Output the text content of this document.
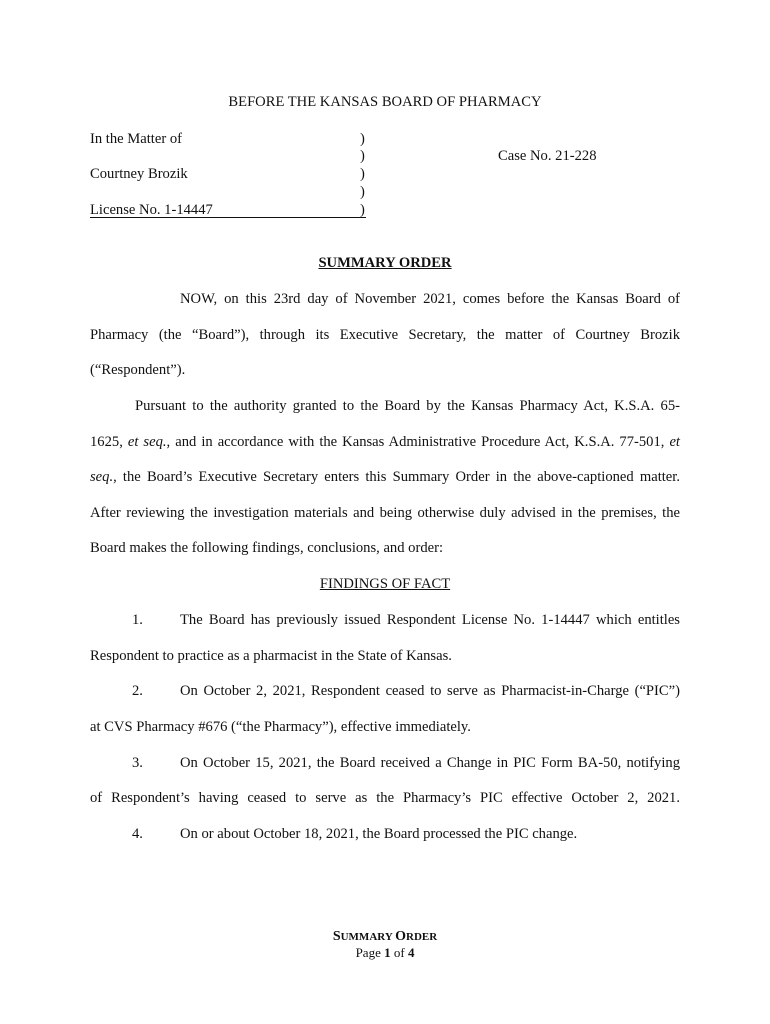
BEFORE THE KANSAS BOARD OF PHARMACY
In the Matter of
Courtney Brozik
License No. 1-14447
)
)
)
)
)
Case No. 21-228
SUMMARY ORDER
NOW, on this 23rd day of November 2021, comes before the Kansas Board of
Pharmacy (the “Board”), through its Executive Secretary, the matter of Courtney Brozik
(“Respondent”).
Pursuant to the authority granted to the Board by the Kansas Pharmacy Act, K.S.A. 65-
1625, et seq., and in accordance with the Kansas Administrative Procedure Act, K.S.A. 77-501, et
seq., the Board’s Executive Secretary enters this Summary Order in the above-captioned matter.
After reviewing the investigation materials and being otherwise duly advised in the premises, the
Board makes the following findings, conclusions, and order:
FINDINGS OF FACT
1.	The Board has previously issued Respondent License No. 1-14447 which entitles
Respondent to practice as a pharmacist in the State of Kansas.
2.	On October 2, 2021, Respondent ceased to serve as Pharmacist-in-Charge (“PIC”)
at CVS Pharmacy #676 (“the Pharmacy”), effective immediately.
3.	On October 15, 2021, the Board received a Change in PIC Form BA-50, notifying
of Respondent’s having ceased to serve as the Pharmacy’s PIC effective October 2, 2021.
4.	On or about October 18, 2021, the Board processed the PIC change.
SUMMARY ORDER
Page 1 of 4
